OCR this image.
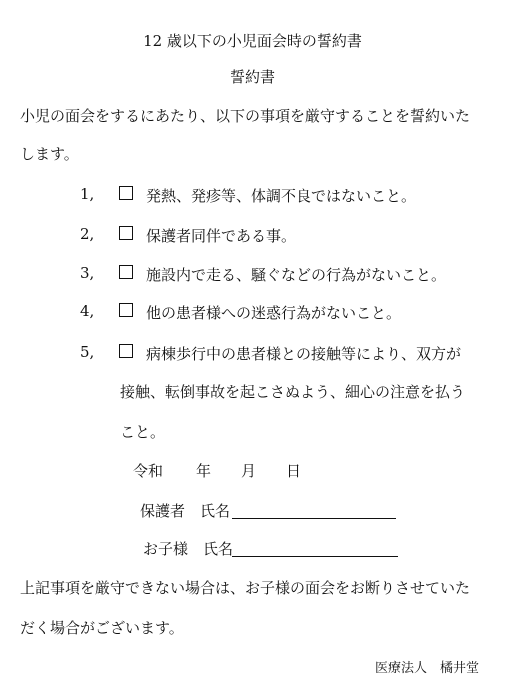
12 歳以下の小児面会時の誓約書
誓約書
小児の面会をするにあたり、以下の事項を厳守することを誓約いた
します。
1,	発熱、発疹等、体調不良ではないこと。
2,	保護者同伴である事。
3,	施設内で走る、騒ぐなどの行為がないこと。
4,	他の患者様への迷惑行為がないこと。
5,	病棟歩行中の患者様との接触等により、双方が
接触、転倒事故を起こさぬよう、細心の注意を払う
こと。
令和 年 月 日
保護者　氏名
お子様　氏名
上記事項を厳守できない場合は、お子様の面会をお断りさせていた
だく場合がございます。
医療法人　橘井堂
